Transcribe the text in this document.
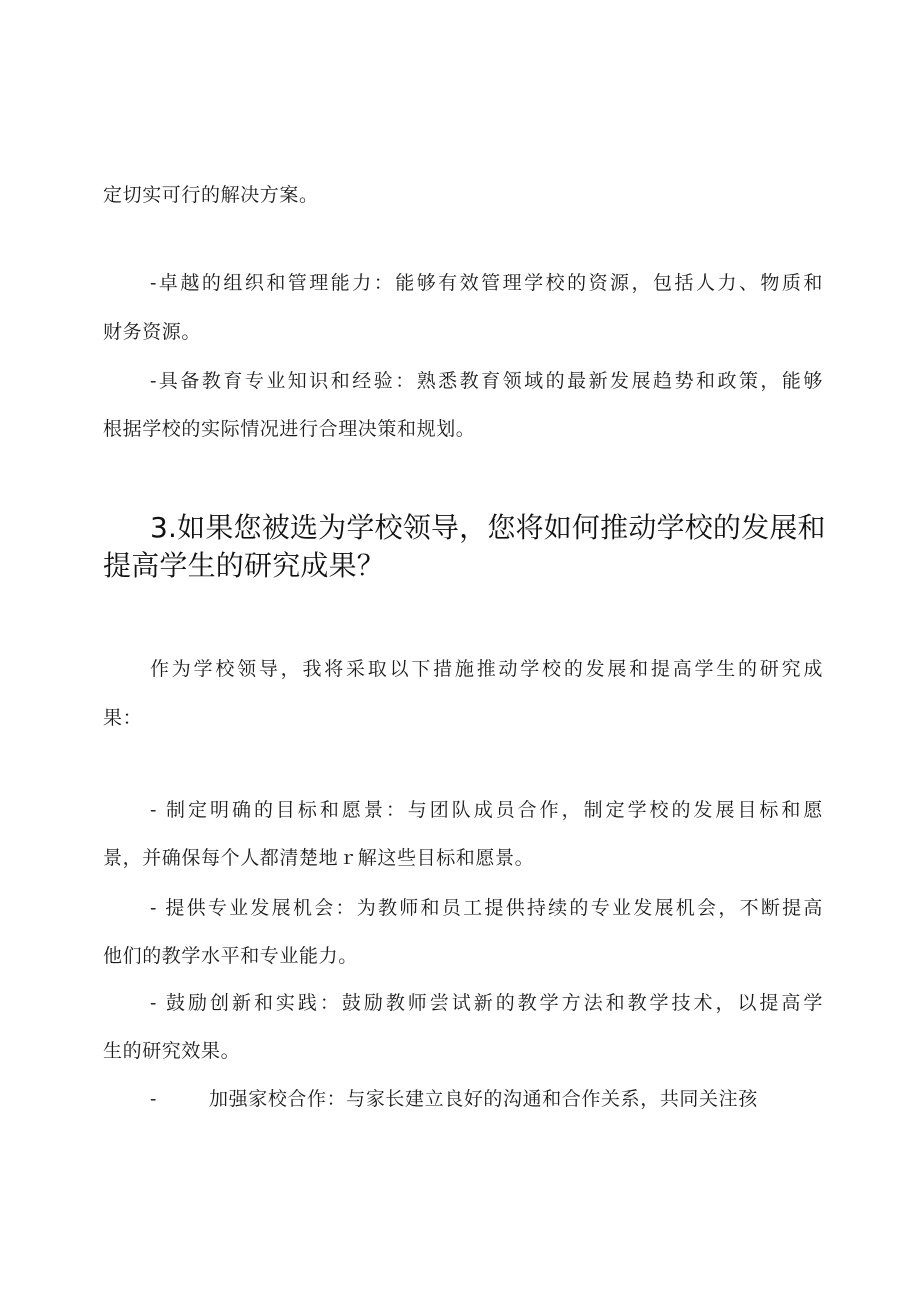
定切实可行的解决方案。
-卓越的组织和管理能力：能够有效管理学校的资源，包括人力、物质和
财务资源。
-具备教育专业知识和经验：熟悉教育领域的最新发展趋势和政策，能够
根据学校的实际情况进行合理决策和规划。
3.如果您被选为学校领导，您将如何推动学校的发展和
提高学生的研究成果？
作为学校领导，我将采取以下措施推动学校的发展和提高学生的研究成
果：
- 制定明确的目标和愿景：与团队成员合作，制定学校的发展目标和愿
景，并确保每个人都清楚地ｒ解这些目标和愿景。
- 提供专业发展机会：为教师和员工提供持续的专业发展机会，不断提高
他们的教学水平和专业能力。
- 鼓励创新和实践：鼓励教师尝试新的教学方法和教学技术，以提高学
生的研究效果。
-	加强家校合作：与家长建立良好的沟通和合作关系，共同关注孩
